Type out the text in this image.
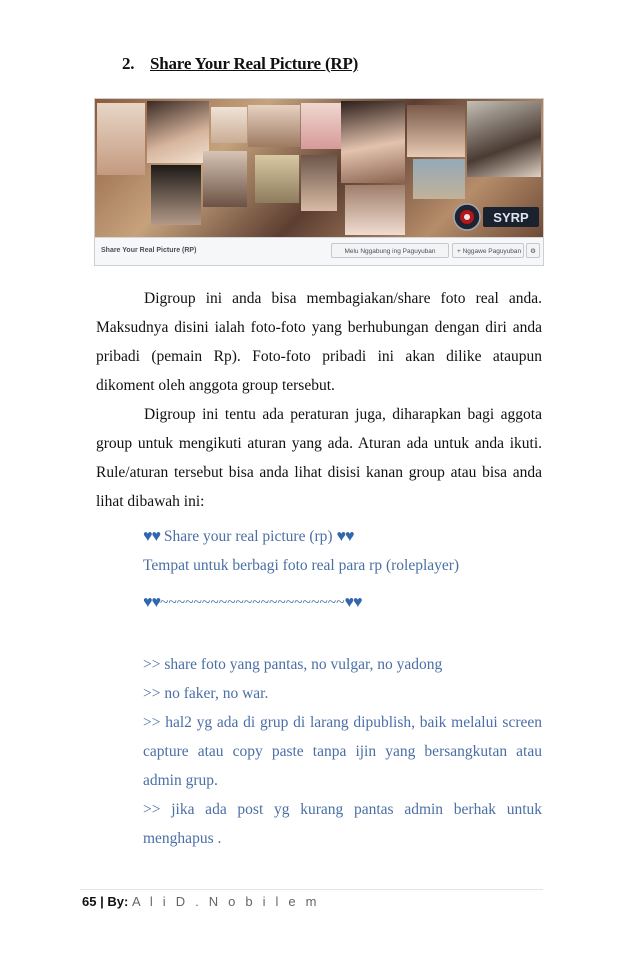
2. Share Your Real Picture (RP)
SYRP
Share Your Real Picture (RP)	Melu Nggabung ing Paguyuban	+ Nggawe Paguyuban	⚙

Digroup ini anda bisa membagiakan/share foto real anda. Maksudnya disini ialah foto-foto yang berhubungan dengan diri anda pribadi (pemain Rp). Foto-foto pribadi ini akan dilike ataupun dikoment oleh anggota group tersebut.

Digroup ini tentu ada peraturan juga, diharapkan bagi aggota group untuk mengikuti aturan yang ada. Aturan ada untuk anda ikuti. Rule/aturan tersebut bisa anda lihat disisi kanan group atau bisa anda lihat dibawah ini:

♥♥ Share your real picture (rp) ♥♥

Tempat untuk berbagi foto real para rp (roleplayer)

♥♥~~~~~~~~~~~~~~~~~~~~~~♥♥

>> share foto yang pantas, no vulgar, no yadong

>> no faker, no war.

>> hal2 yg ada di grup di larang dipublish, baik melalui screen capture atau copy paste tanpa ijin yang bersangkutan atau admin grup.

>> jika ada post yg kurang pantas admin berhak untuk menghapus .

65 | By: A l i D . N o b i l e m
